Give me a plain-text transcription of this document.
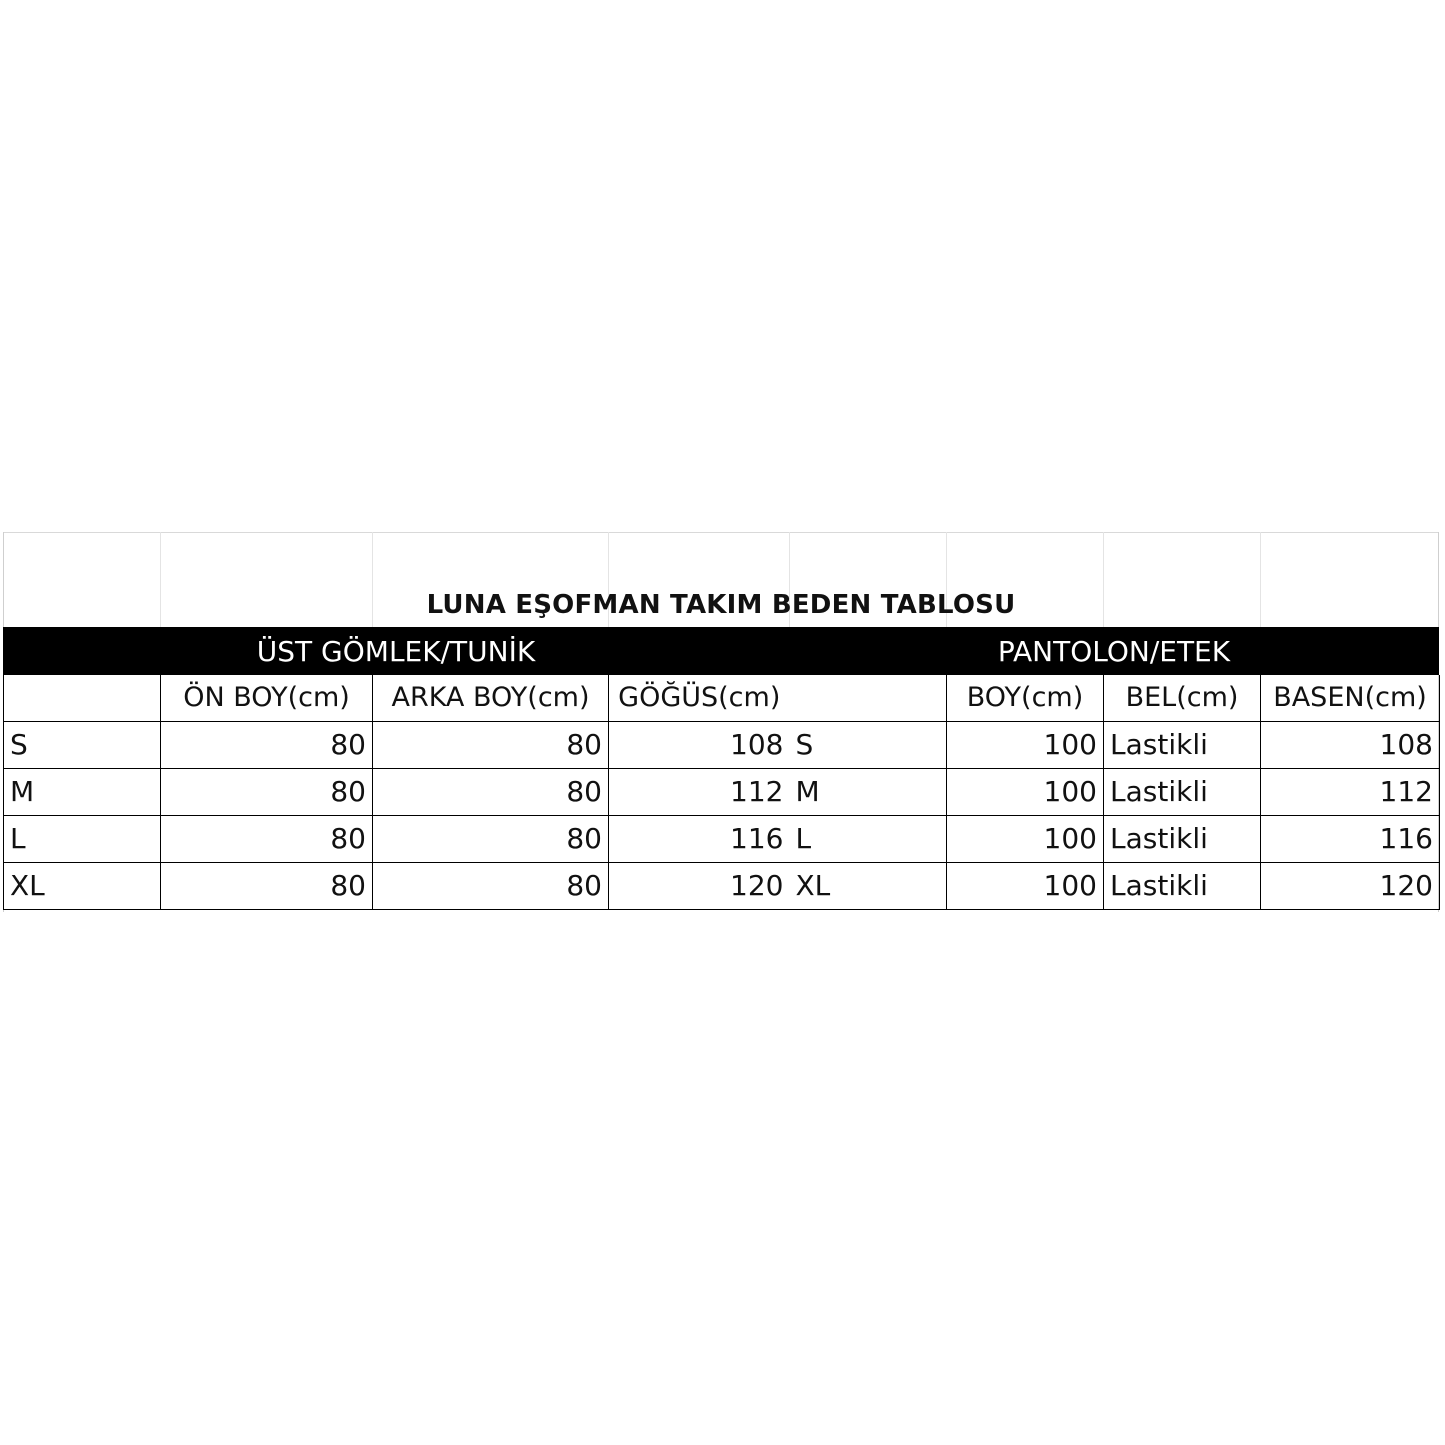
LUNA EŞOFMAN TAKIM BEDEN TABLOSU
ÜST GÖMLEK/TUNİK	PANTOLON/ETEK
	ÖN BOY(cm)	ARKA BOY(cm)	GÖĞÜS(cm)		BOY(cm)	BEL(cm)	BASEN(cm)
S	80	80	108	S	100	Lastikli	108
M	80	80	112	M	100	Lastikli	112
L	80	80	116	L	100	Lastikli	116
XL	80	80	120	XL	100	Lastikli	120
